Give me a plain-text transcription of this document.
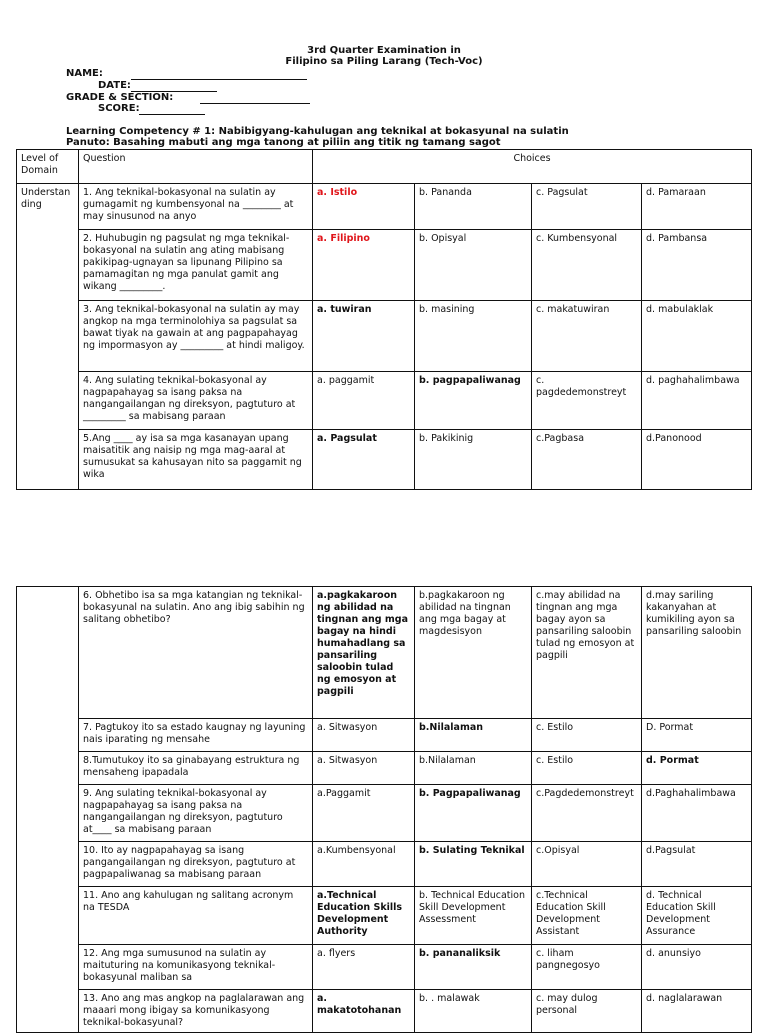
3rd Quarter Examination in
Filipino sa Piling Larang (Tech-Voc)
NAME:
DATE:
GRADE & SECTION:
SCORE:
Learning Competency # 1: Nabibigyang-kahulugan ang teknikal at bokasyunal na sulatin
Panuto: Basahing mabuti ang mga tanong at piliin ang titik ng tamang sagot
Level of Domain	Question	Choices			
Understanding	1. Ang teknikal-bokasyonal na sulatin ay gumagamit ng kumbensyonal na ________ at may sinusunod na anyo	a. Istilo	b. Pananda	c. Pagsulat	d. Pamaraan
	2. Huhubugin ng pagsulat ng mga teknikal-bokasyonal na sulatin ang ating mabisang pakikipag-ugnayan sa lipunang Pilipino sa pamamagitan ng mga panulat gamit ang wikang _________.	a. Filipino	b. Opisyal	c. Kumbensyonal	d. Pambansa
	3. Ang teknikal-bokasyonal na sulatin ay may angkop na mga terminolohiya sa pagsulat sa bawat tiyak na gawain at ang pagpapahayag ng impormasyon ay _________ at hindi maligoy.	a. tuwiran	b. masining	c. makatuwiran	d. mabulaklak
	4. Ang sulating teknikal-bokasyonal ay nagpapahayag sa isang paksa na nangangailangan ng direksyon, pagtuturo at _________ sa mabisang paraan	a. paggamit	b. pagpapaliwanag	c. pagdedemonstreyt	d. paghahalimbawa
	5.Ang ____ ay isa sa mga kasanayan upang maisatitik ang naisip ng mga mag-aaral at sumusukat sa kahusayan nito sa paggamit ng wika	a. Pagsulat	b. Pakikinig	c.Pagbasa	d.Panonood
	6. Obhetibo isa sa mga katangian ng teknikal-bokasyunal na sulatin. Ano ang ibig sabihin ng salitang obhetibo?	a.pagkakaroon ng abilidad na tingnan ang mga bagay na hindi humahadlang sa pansariling saloobin tulad ng emosyon at pagpili	b.pagkakaroon ng abilidad na tingnan ang mga bagay at magdesisyon	c.may abilidad na tingnan ang mga bagay ayon sa pansariling saloobin tulad ng emosyon at pagpili	d.may sariling kakanyahan at kumikiling ayon sa pansariling saloobin
	7. Pagtukoy ito sa estado kaugnay ng layuning nais iparating ng mensahe	a. Sitwasyon	b.Nilalaman	c. Estilo	D. Pormat
	8.Tumutukoy ito sa ginabayang estruktura ng mensaheng ipapadala	a. Sitwasyon	b.Nilalaman	c. Estilo	d. Pormat
	9. Ang sulating teknikal-bokasyonal ay nagpapahayag sa isang paksa na nangangailangan ng direksyon, pagtuturo at____ sa mabisang paraan	a.Paggamit	b. Pagpapaliwanag	c.Pagdedemonstreyt	d.Paghahalimbawa
	10. Ito ay nagpapahayag sa isang pangangailangan ng direksyon, pagtuturo at pagpapaliwanag sa mabisang paraan	a.Kumbensyonal	b. Sulating Teknikal	c.Opisyal	d.Pagsulat
	11. Ano ang kahulugan ng salitang acronym na TESDA	a.Technical Education Skills Development Authority	b. Technical Education Skill Development Assessment	c.Technical Education Skill Development Assistant	d. Technical Education Skill Development Assurance
	12. Ang mga sumusunod na sulatin ay maituturing na komunikasyong teknikal-bokasyunal maliban sa	a. flyers	b. pananaliksik	c. liham pangnegosyo	d. anunsiyo
	13. Ano ang mas angkop na paglalarawan ang maaari mong ibigay sa komunikasyong teknikal-bokasyunal?	a. makatotohanan	b. . malawak	c. may dulog personal	d. naglalarawan
